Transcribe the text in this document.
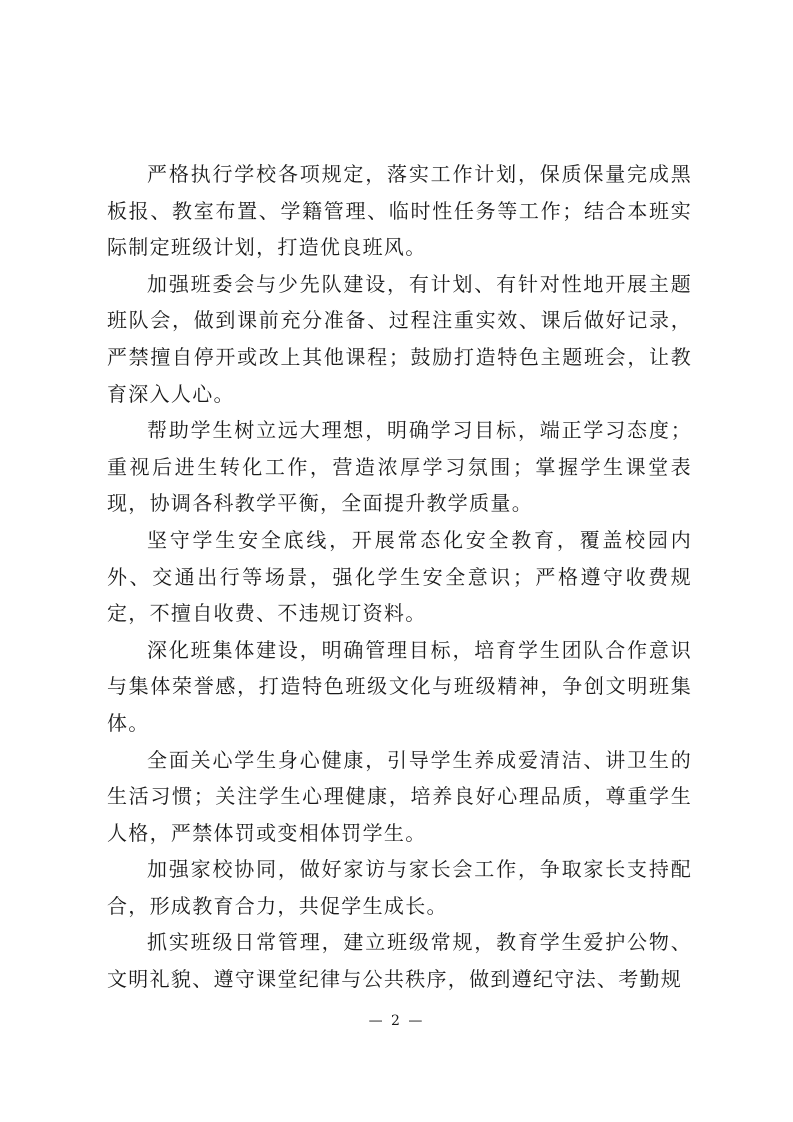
严格执行学校各项规定，落实工作计划，保质保量完成黑板报、教室布置、学籍管理、临时性任务等工作；结合本班实际制定班级计划，打造优良班风。

加强班委会与少先队建设，有计划、有针对性地开展主题班队会，做到课前充分准备、过程注重实效、课后做好记录，严禁擅自停开或改上其他课程；鼓励打造特色主题班会，让教育深入人心。

帮助学生树立远大理想，明确学习目标，端正学习态度；重视后进生转化工作，营造浓厚学习氛围；掌握学生课堂表现，协调各科教学平衡，全面提升教学质量。

坚守学生安全底线，开展常态化安全教育，覆盖校园内外、交通出行等场景，强化学生安全意识；严格遵守收费规定，不擅自收费、不违规订资料。

深化班集体建设，明确管理目标，培育学生团队合作意识与集体荣誉感，打造特色班级文化与班级精神，争创文明班集体。

全面关心学生身心健康，引导学生养成爱清洁、讲卫生的生活习惯；关注学生心理健康，培养良好心理品质，尊重学生人格，严禁体罚或变相体罚学生。

加强家校协同，做好家访与家长会工作，争取家长支持配合，形成教育合力，共促学生成长。

抓实班级日常管理，建立班级常规，教育学生爱护公物、文明礼貌、遵守课堂纪律与公共秩序，做到遵纪守法、考勤规

— 2 —
